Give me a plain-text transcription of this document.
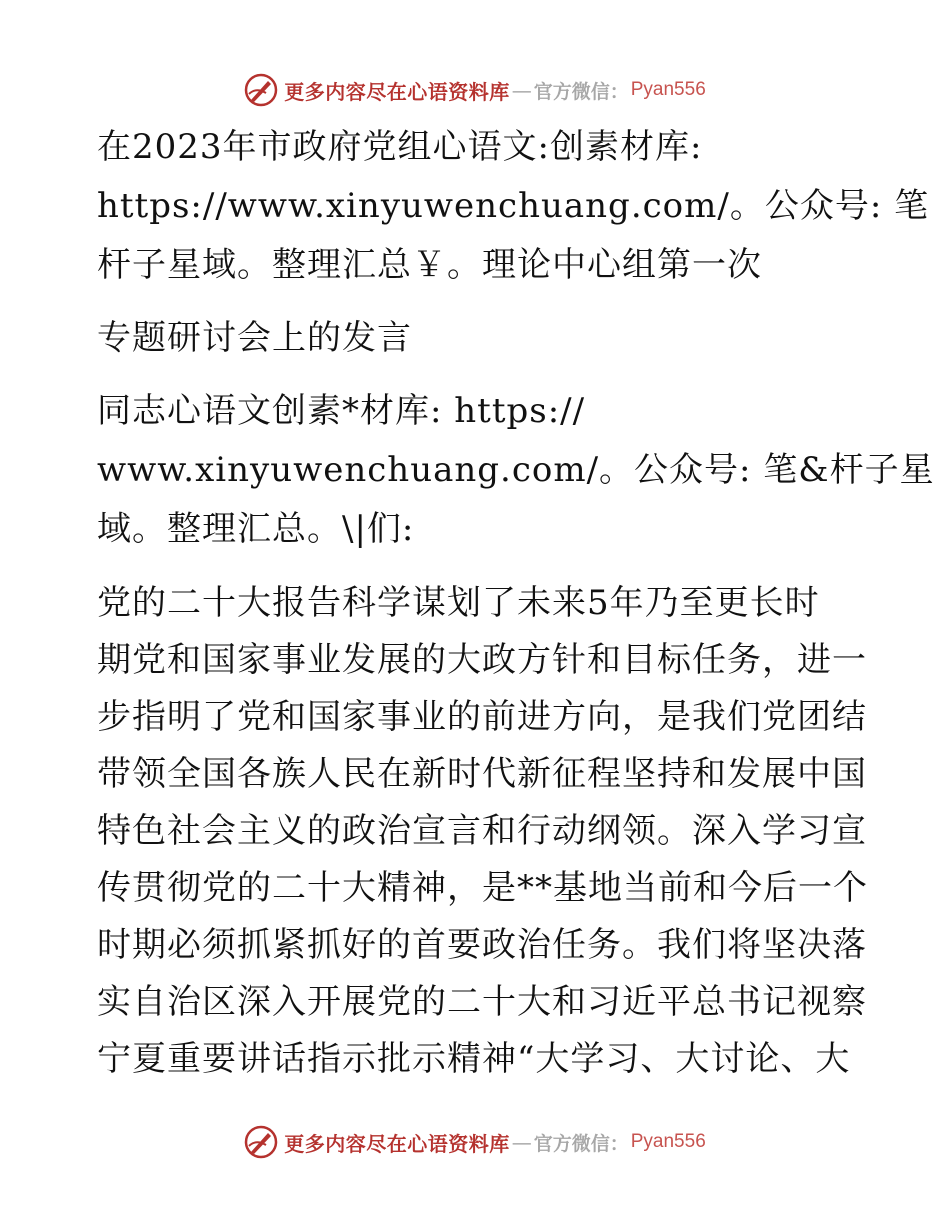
更多内容尽在心语资料库 — 官方微信： Pyan556
在2023年市政府党组心语文:创素材库:
https://www.xinyuwenchuang.com/。公众号: 笔
杆子星域。整理汇总￥。理论中心组第一次
专题研讨会上的发言
同志心语文创素*材库: https://
www.xinyuwenchuang.com/。公众号: 笔&杆子星
域。整理汇总。\|们:
党的二十大报告科学谋划了未来5年乃至更长时
期党和国家事业发展的大政方针和目标任务，进一
步指明了党和国家事业的前进方向，是我们党团结
带领全国各族人民在新时代新征程坚持和发展中国
特色社会主义的政治宣言和行动纲领。深入学习宣
传贯彻党的二十大精神，是**基地当前和今后一个
时期必须抓紧抓好的首要政治任务。我们将坚决落
实自治区深入开展党的二十大和习近平总书记视察
宁夏重要讲话指示批示精神“大学习、大讨论、大
更多内容尽在心语资料库 — 官方微信： Pyan556
